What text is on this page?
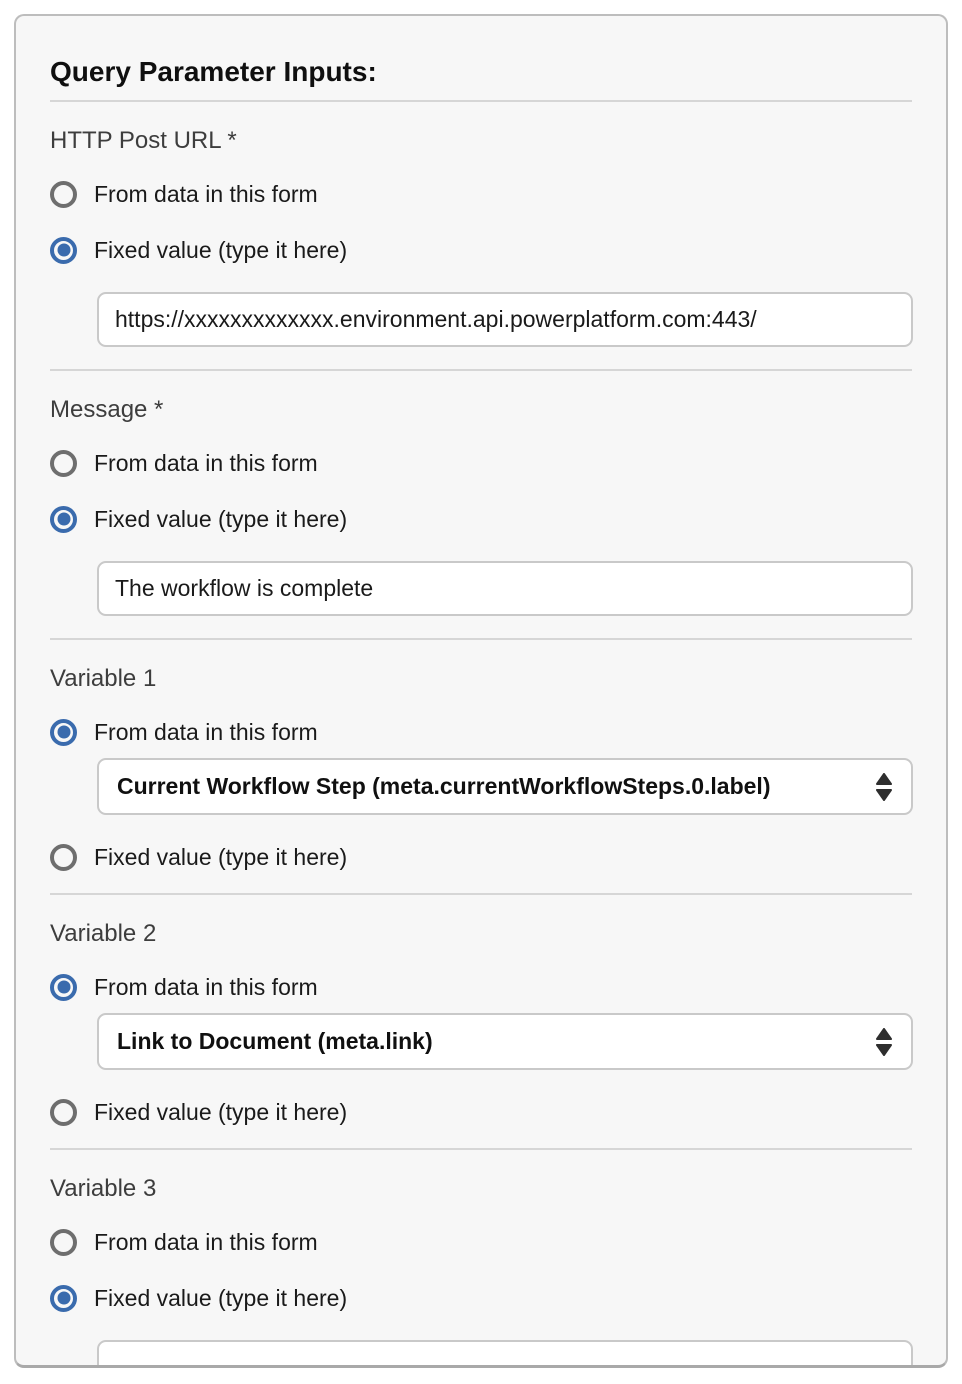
Query Parameter Inputs:
HTTP Post URL *
From data in this form
Fixed value (type it here)
https://xxxxxxxxxxxxx.environment.api.powerplatform.com:443/
Message *
From data in this form
Fixed value (type it here)
The workflow is complete
Variable 1
From data in this form
Current Workflow Step (meta.currentWorkflowSteps.0.label)
Fixed value (type it here)
Variable 2
From data in this form
Link to Document (meta.link)
Fixed value (type it here)
Variable 3
From data in this form
Fixed value (type it here)
